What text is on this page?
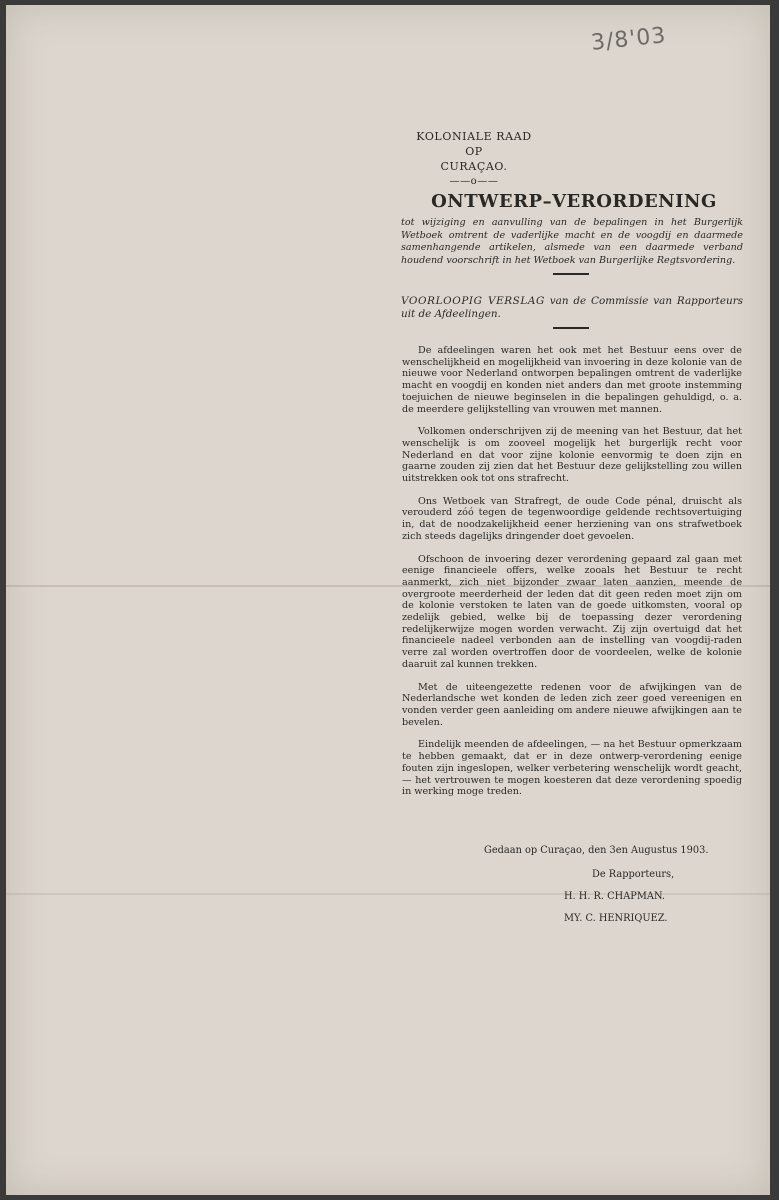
3/8'03
KOLONIALE RAAD
OP
CURAÇAO.
——o——
ONTWERP–VERORDENING
tot wijziging en aanvulling van de bepalingen in het Burgerlijk Wetboek omtrent de vaderlijke macht en de voogdij en daarmede samenhangende artikelen, alsmede van een daarmede verband houdend voorschrift in het Wetboek van Burgerlijke Regtsvordering.
VOORLOOPIG VERSLAG van de Commissie van Rapporteurs uit de Afdeelingen.

De afdeelingen waren het ook met het Bestuur eens over de wenschelijkheid en mogelijkheid van invoering in deze kolonie van de nieuwe voor Nederland ontworpen bepalingen omtrent de vaderlijke macht en voogdij en konden niet anders dan met groote instemming toejuichen de nieuwe beginselen in die bepalingen gehuldigd, o. a. de meerdere gelijkstelling van vrouwen met mannen.

Volkomen onderschrijven zij de meening van het Bestuur, dat het wenschelijk is om zooveel mogelijk het burgerlijk recht voor Nederland en dat voor zijne kolonie eenvormig te doen zijn en gaarne zouden zij zien dat het Bestuur deze gelijkstelling zou willen uitstrekken ook tot ons strafrecht.

Ons Wetboek van Strafregt, de oude Code pénal, druischt als verouderd zóó tegen de tegenwoordige geldende rechtsovertuiging in, dat de noodzakelijkheid eener herziening van ons strafwetboek zich steeds dagelijks dringender doet gevoelen.

Ofschoon de invoering dezer verordening gepaard zal gaan met eenige financieele offers, welke zooals het Bestuur te recht aanmerkt, zich niet bijzonder zwaar laten aanzien, meende de overgroote meerderheid der leden dat dit geen reden moet zijn om de kolonie verstoken te laten van de goede uitkomsten, vooral op zedelijk gebied, welke bij de toepassing dezer verordening redelijkerwijze mogen worden verwacht. Zij zijn overtuigd dat het financieele nadeel verbonden aan de instelling van voogdij-raden verre zal worden overtroffen door de voordeelen, welke de kolonie daaruit zal kunnen trekken.

Met de uiteengezette redenen voor de afwijkingen van de Nederlandsche wet konden de leden zich zeer goed vereenigen en vonden verder geen aanleiding om andere nieuwe afwijkingen aan te bevelen.

Eindelijk meenden de afdeelingen, — na het Bestuur opmerkzaam te hebben gemaakt, dat er in deze ontwerp-verordening eenige fouten zijn ingeslopen, welker verbetering wenschelijk wordt geacht, — het vertrouwen te mogen koesteren dat deze verordening spoedig in werking moge treden.

Gedaan op Curaçao, den 3en Augustus 1903.
De Rapporteurs,
H. H. R. CHAPMAN.
MY. C. HENRIQUEZ.
